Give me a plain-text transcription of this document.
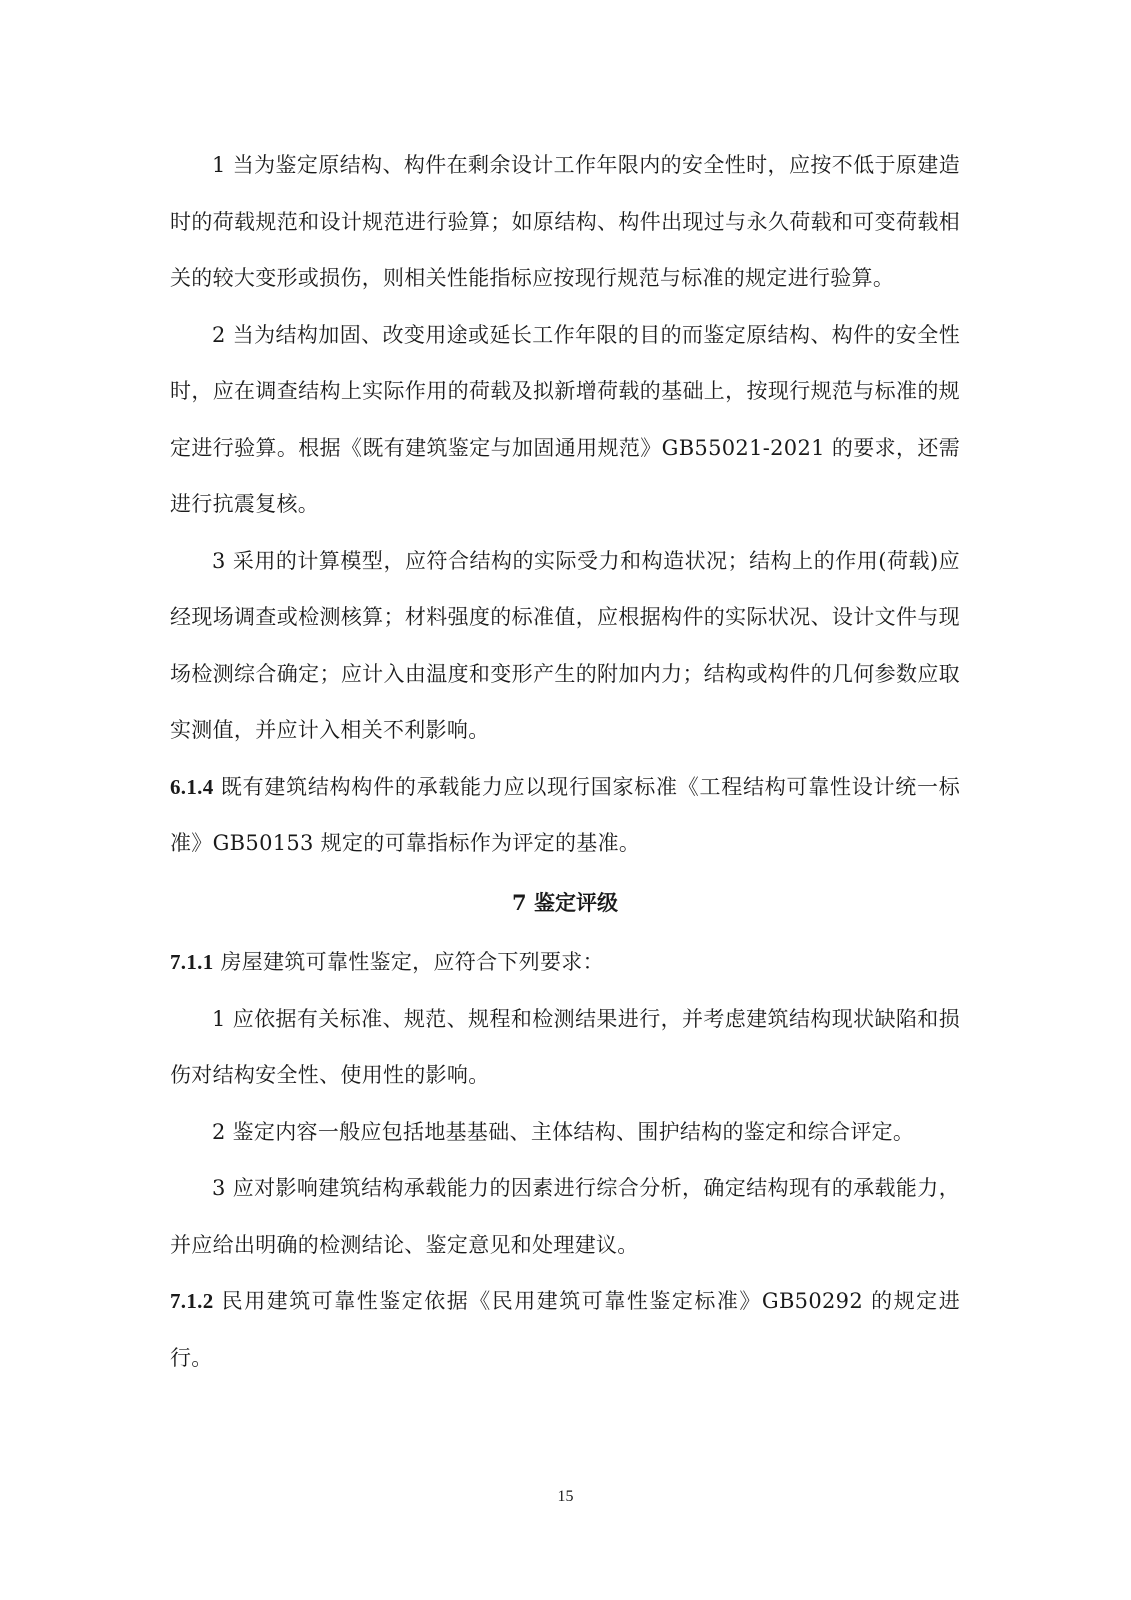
1 当为鉴定原结构、构件在剩余设计工作年限内的安全性时，应按不低于原建造时的荷载规范和设计规范进行验算；如原结构、构件出现过与永久荷载和可变荷载相关的较大变形或损伤，则相关性能指标应按现行规范与标准的规定进行验算。

2 当为结构加固、改变用途或延长工作年限的目的而鉴定原结构、构件的安全性时，应在调查结构上实际作用的荷载及拟新增荷载的基础上，按现行规范与标准的规定进行验算。根据《既有建筑鉴定与加固通用规范》GB55021-2021 的要求，还需进行抗震复核。

3 采用的计算模型，应符合结构的实际受力和构造状况；结构上的作用(荷载)应经现场调查或检测核算；材料强度的标准值，应根据构件的实际状况、设计文件与现场检测综合确定；应计入由温度和变形产生的附加内力；结构或构件的几何参数应取实测值，并应计入相关不利影响。

6.1.4 既有建筑结构构件的承载能力应以现行国家标准《工程结构可靠性设计统一标准》GB50153 规定的可靠指标作为评定的基准。

7 鉴定评级

7.1.1 房屋建筑可靠性鉴定，应符合下列要求：

1 应依据有关标准、规范、规程和检测结果进行，并考虑建筑结构现状缺陷和损伤对结构安全性、使用性的影响。

2 鉴定内容一般应包括地基基础、主体结构、围护结构的鉴定和综合评定。

3 应对影响建筑结构承载能力的因素进行综合分析，确定结构现有的承载能力，并应给出明确的检测结论、鉴定意见和处理建议。

7.1.2 民用建筑可靠性鉴定依据《民用建筑可靠性鉴定标准》GB50292 的规定进行。

15
